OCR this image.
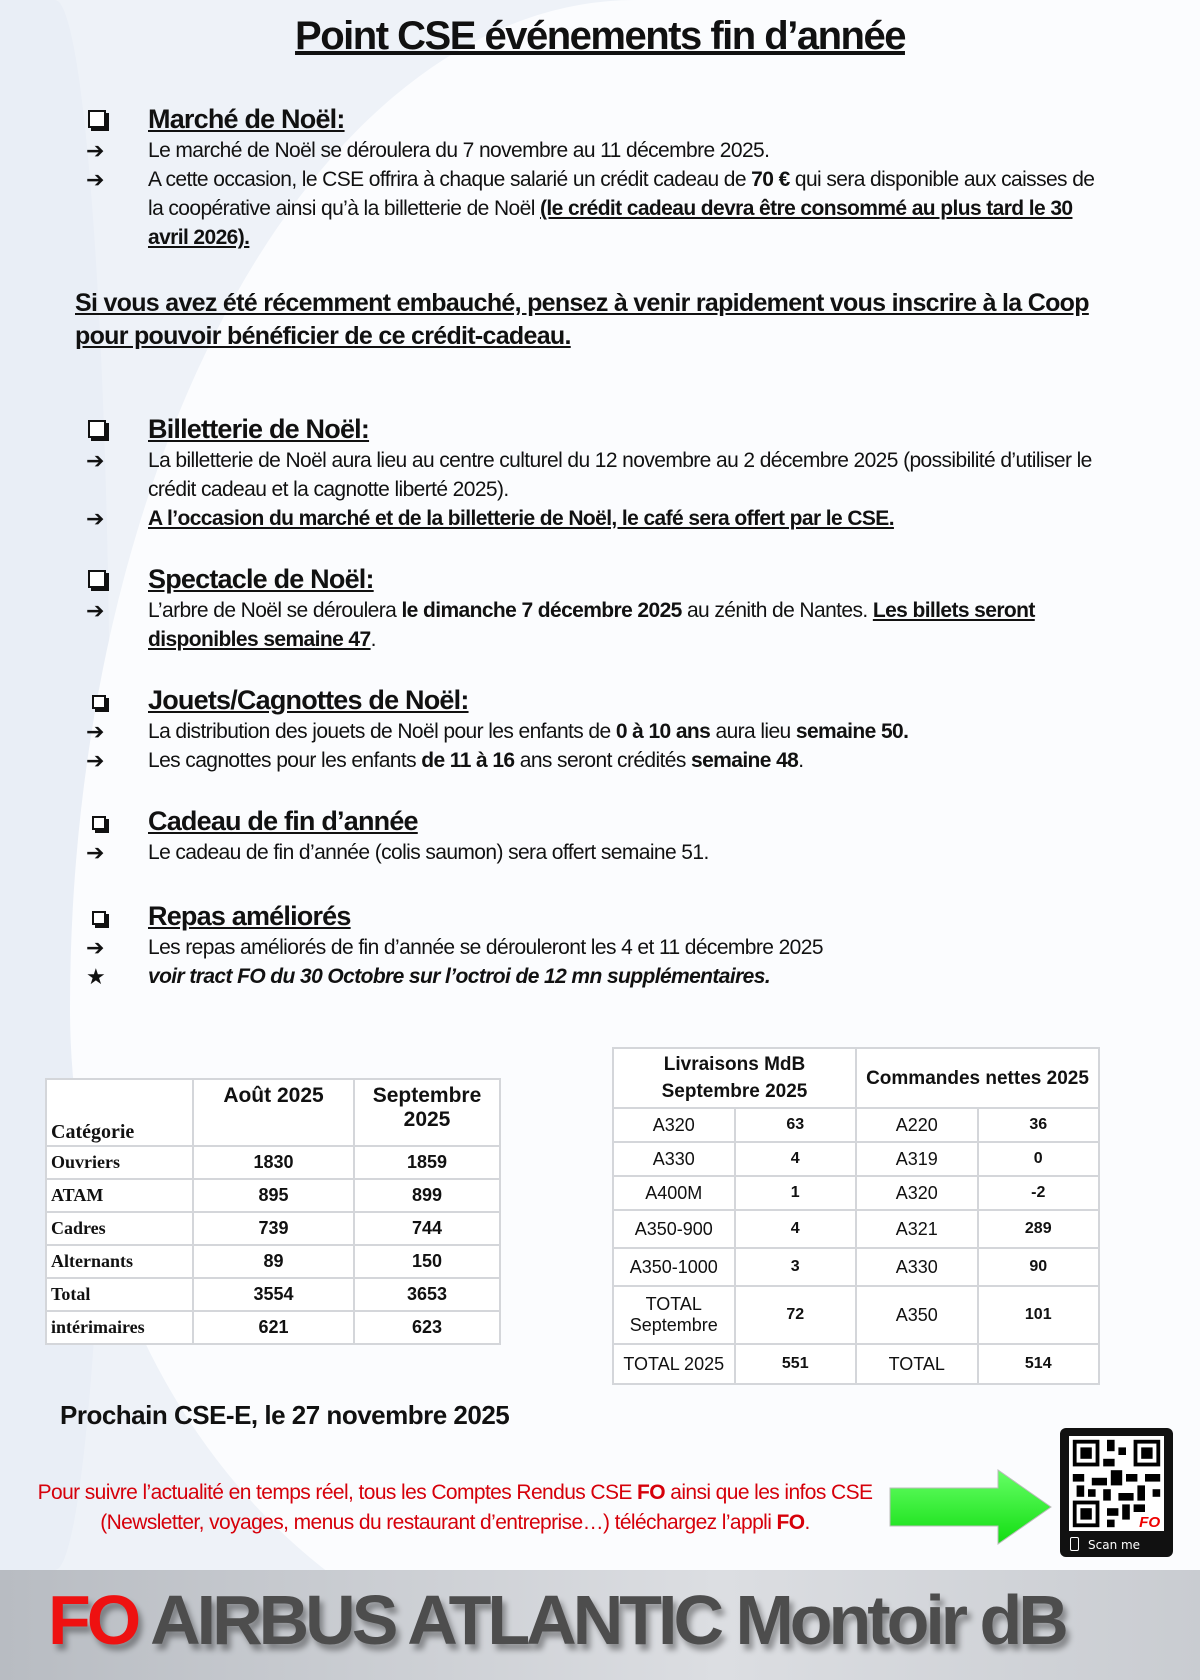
Point CSE événements fin d’année
Marché de Noël:
➔ Le marché de Noël se déroulera du 7 novembre au 11 décembre 2025.
➔ A cette occasion, le CSE offrira à chaque salarié un crédit cadeau de 70 € qui sera disponible aux caisses de la coopérative ainsi qu’à la billetterie de Noël (le crédit cadeau devra être consommé au plus tard le 30 avril 2026).
Billetterie de Noël:
➔ La billetterie de Noël aura lieu au centre culturel du 12 novembre au 2 décembre 2025 (possibilité d’utiliser le crédit cadeau et la cagnotte liberté 2025).
➔ A l’occasion du marché et de la billetterie de Noël, le café sera offert par le CSE.
Spectacle de Noël:
➔ L’arbre de Noël se déroulera le dimanche 7 décembre 2025 au zénith de Nantes. Les billets seront disponibles semaine 47.
Jouets/Cagnottes de Noël:
➔ La distribution des jouets de Noël pour les enfants de 0 à 10 ans aura lieu semaine 50.
➔ Les cagnottes pour les enfants de 11 à 16 ans seront crédités semaine 48.
Cadeau de fin d’année
➔ Le cadeau de fin d’année (colis saumon) sera offert semaine 51.
Repas améliorés
➔ Les repas améliorés de fin d’année se dérouleront les 4 et 11 décembre 2025
★ voir tract FO du 30 Octobre sur l’octroi de 12 mn supplémentaires.
Si vous avez été récemment embauché, pensez à venir rapidement vous inscrire à la Coop pour pouvoir bénéficier de ce crédit-cadeau.
Catégorie	Août 2025	Septembre 2025
Ouvriers	1830	1859
ATAM	895	899
Cadres	739	744
Alternants	89	150
Total	3554	3653
intérimaires	621	623
Livraisons MdB Septembre 2025		Commandes nettes 2025	
A320	63	A220	36
A330	4	A319	0
A400M	1	A320	-2
A350-900	4	A321	289
A350-1000	3	A330	90
TOTAL Septembre	72	A350	101
TOTAL 2025	551	TOTAL	514
Prochain CSE-E, le 27 novembre 2025
Pour suivre l’actualité en temps réel, tous les Comptes Rendus CSE FO ainsi que les infos CSE
(Newsletter, voyages, menus du restaurant d’entreprise…) téléchargez l’appli FO.	FO
Scan me
FO AIRBUS ATLANTIC Montoir dB
